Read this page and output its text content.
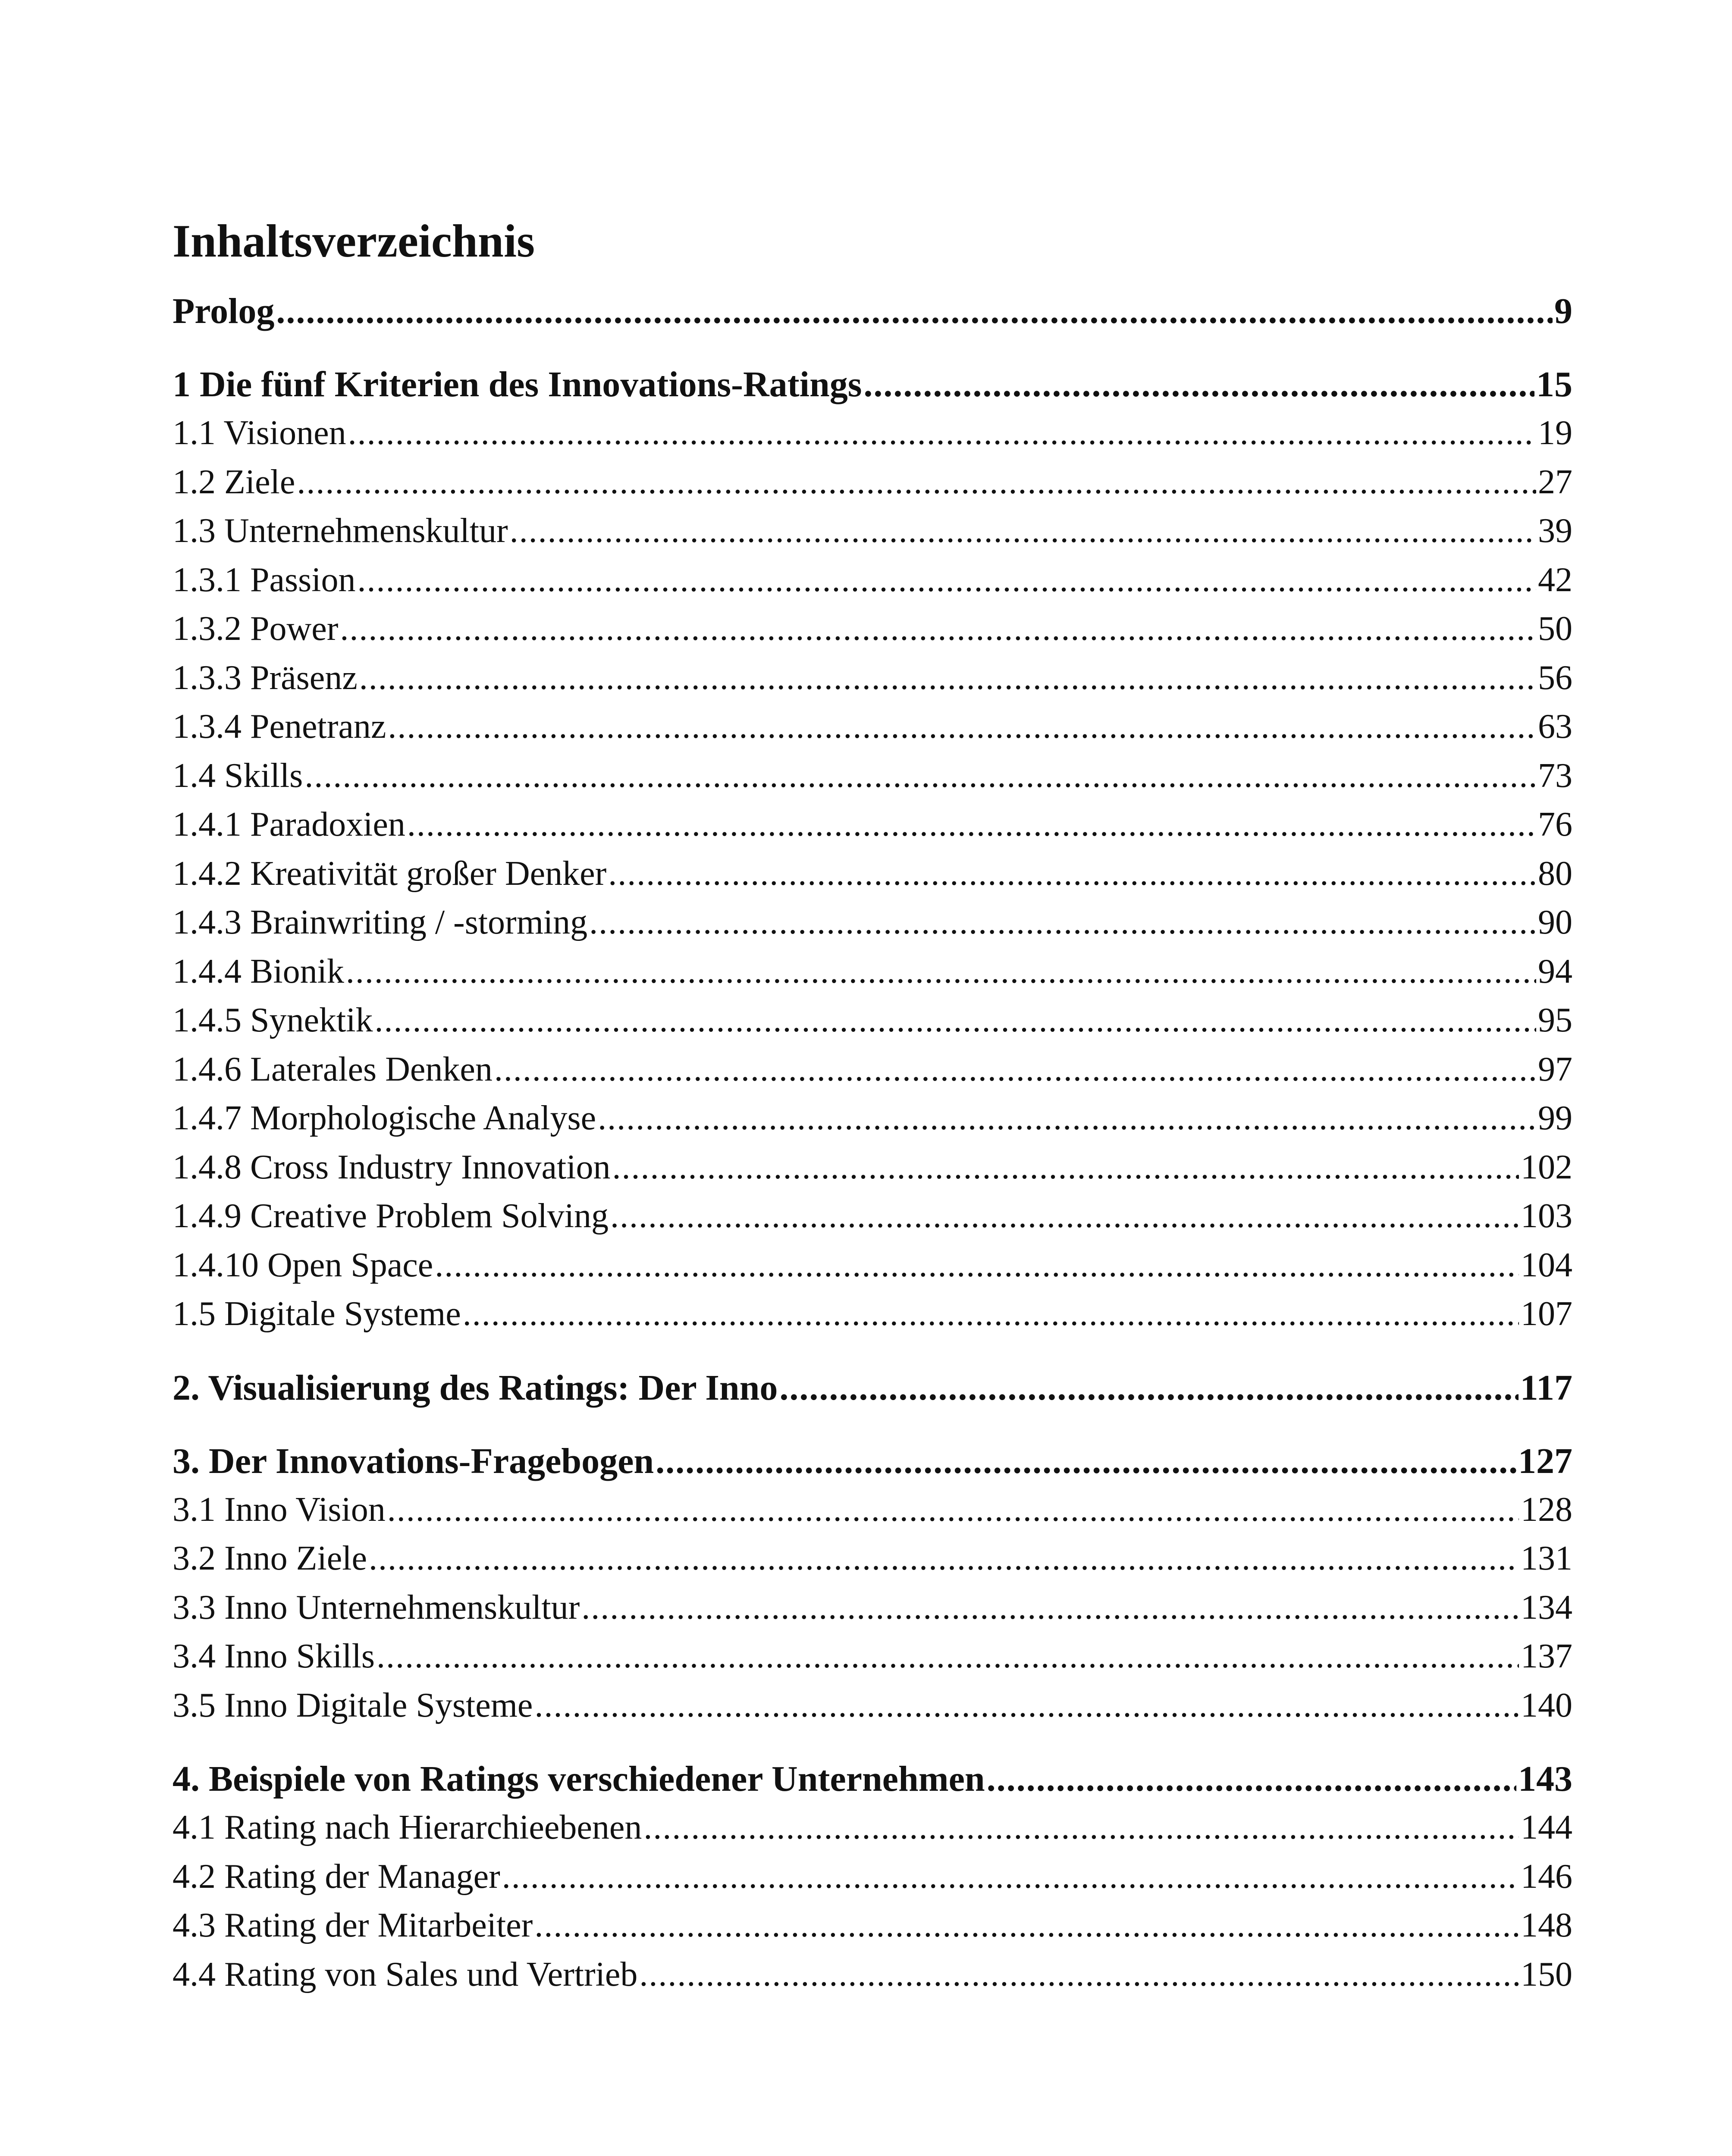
Inhaltsverzeichnis
Prolog .....	9
1 Die fünf Kriterien des Innovations-Ratings .....	15
1.1 Visionen .....	19
1.2 Ziele .....	27
1.3 Unternehmenskultur .....	39
1.3.1 Passion .....	42
1.3.2 Power .....	50
1.3.3 Präsenz .....	56
1.3.4 Penetranz .....	63
1.4 Skills .....	73
1.4.1 Paradoxien .....	76
1.4.2 Kreativität großer Denker .....	80
1.4.3 Brainwriting / -storming .....	90
1.4.4 Bionik .....	94
1.4.5 Synektik .....	95
1.4.6 Laterales Denken .....	97
1.4.7 Morphologische Analyse .....	99
1.4.8 Cross Industry Innovation .....	102
1.4.9 Creative Problem Solving .....	103
1.4.10 Open Space .....	104
1.5 Digitale Systeme .....	107
2. Visualisierung des Ratings: Der Inno .....	117
3. Der Innovations-Fragebogen .....	127
3.1 Inno Vision .....	128
3.2 Inno Ziele .....	131
3.3 Inno Unternehmenskultur .....	134
3.4 Inno Skills .....	137
3.5 Inno Digitale Systeme .....	140
4. Beispiele von Ratings verschiedener Unternehmen .....	143
4.1 Rating nach Hierarchieebenen .....	144
4.2 Rating der Manager .....	146
4.3 Rating der Mitarbeiter .....	148
4.4 Rating von Sales und Vertrieb .....	150
